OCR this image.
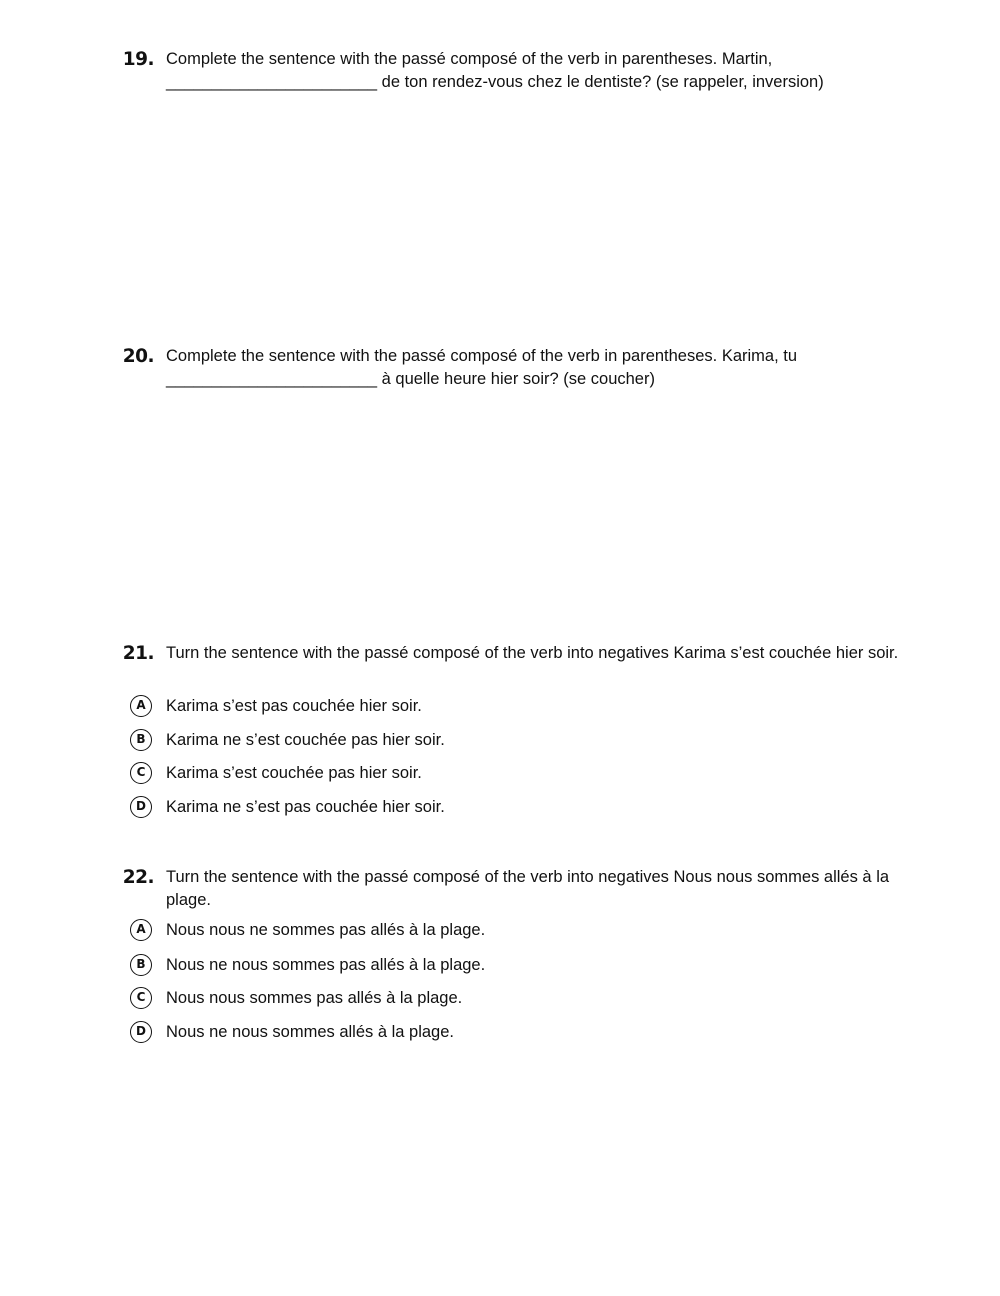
19. Complete the sentence with the passé composé of the verb in parentheses. Martin, _______________________ de ton rendez-vous chez le dentiste? (se rappeler, inversion)
20. Complete the sentence with the passé composé of the verb in parentheses. Karima, tu _______________________ à quelle heure hier soir? (se coucher)
21. Turn the sentence with the passé composé of the verb into negatives Karima s’est couchée hier soir.
A	Karima s’est pas couchée hier soir.
B	Karima ne s’est couchée pas hier soir.
C	Karima s’est couchée pas hier soir.
D	Karima ne s’est pas couchée hier soir.
22. Turn the sentence with the passé composé of the verb into negatives Nous nous sommes allés à la plage.
A	Nous nous ne sommes pas allés à la plage.
B	Nous ne nous sommes pas allés à la plage.
C	Nous nous sommes pas allés à la plage.
D	Nous ne nous sommes allés à la plage.
